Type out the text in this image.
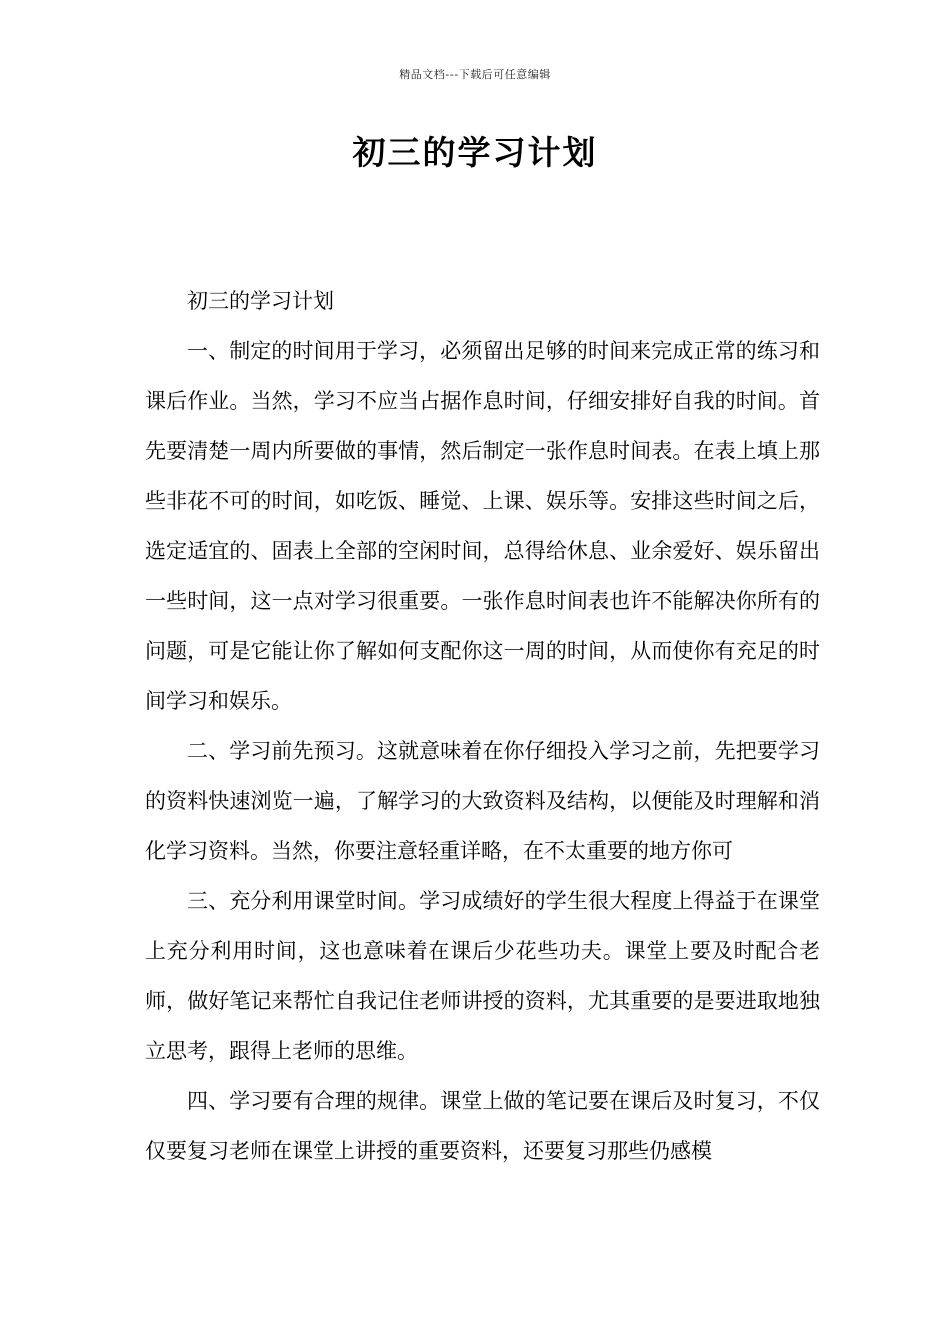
精品文档---下载后可任意编辑
初三的学习计划

初三的学习计划

一、制定的时间用于学习，必须留出足够的时间来完成正常的练习和课后作业。当然，学习不应当占据作息时间，仔细安排好自我的时间。首先要清楚一周内所要做的事情，然后制定一张作息时间表。在表上填上那些非花不可的时间，如吃饭、睡觉、上课、娱乐等。安排这些时间之后，选定适宜的、固表上全部的空闲时间，总得给休息、业余爱好、娱乐留出一些时间，这一点对学习很重要。一张作息时间表也许不能解决你所有的问题，可是它能让你了解如何支配你这一周的时间，从而使你有充足的时间学习和娱乐。

二、学习前先预习。这就意味着在你仔细投入学习之前，先把要学习的资料快速浏览一遍，了解学习的大致资料及结构，以便能及时理解和消化学习资料。当然，你要注意轻重详略，在不太重要的地方你可

三、充分利用课堂时间。学习成绩好的学生很大程度上得益于在课堂上充分利用时间，这也意味着在课后少花些功夫。课堂上要及时配合老师，做好笔记来帮忙自我记住老师讲授的资料，尤其重要的是要进取地独立思考，跟得上老师的思维。

四、学习要有合理的规律。课堂上做的笔记要在课后及时复习，不仅仅要复习老师在课堂上讲授的重要资料，还要复习那些仍感模
